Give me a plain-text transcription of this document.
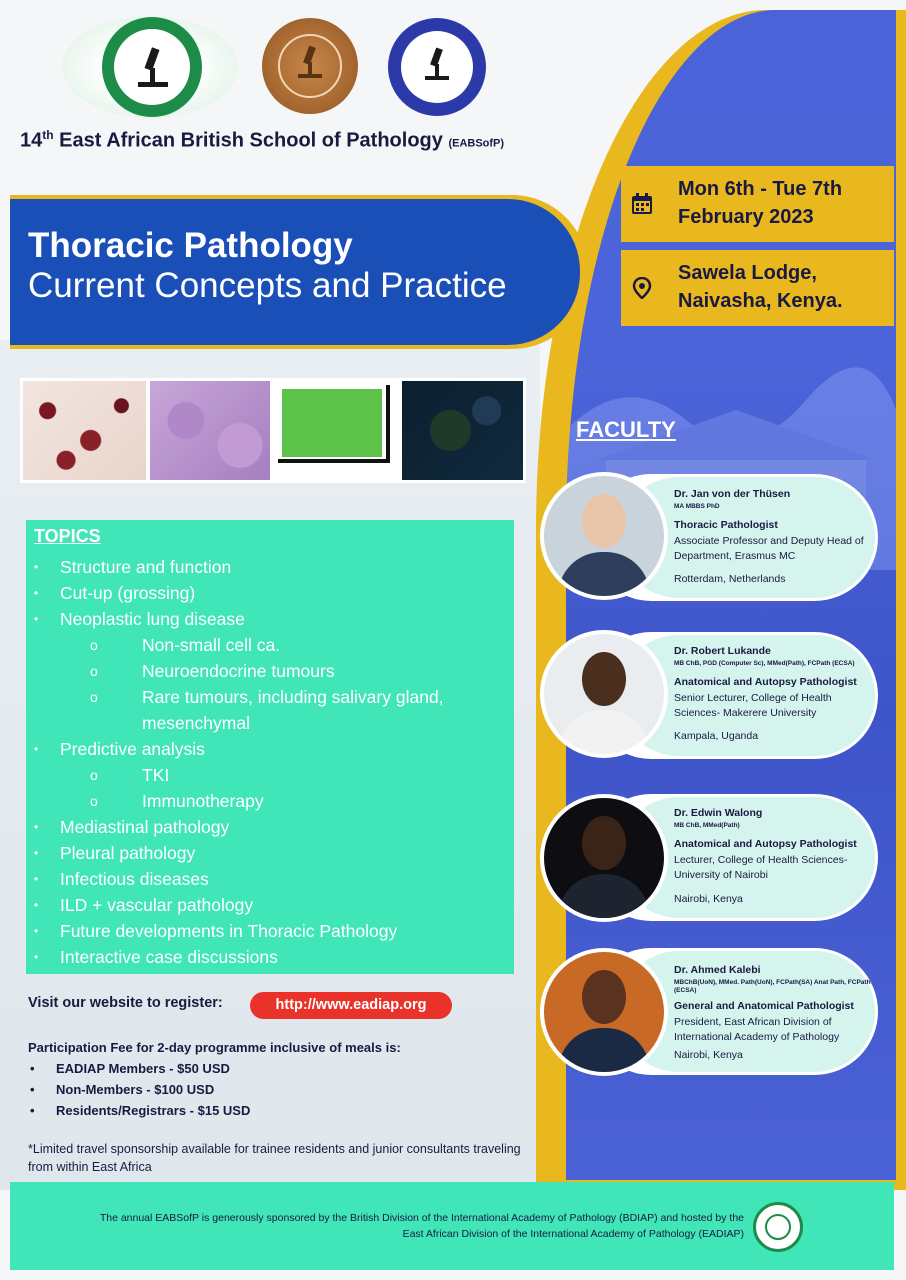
14th East African British School of Pathology (EABSofP)
Thoracic Pathology
Current Concepts and Practice
Mon 6th - Tue 7th
February 2023
Sawela Lodge,
Naivasha, Kenya.
TOPICS
• Structure and function
• Cut-up (grossing)
• Neoplastic lung disease
o	Non-small cell ca.
o	Neuroendocrine tumours
o	Rare tumours, including salivary gland,
mesenchymal
• Predictive analysis
o	TKI
o	Immunotherapy
• Mediastinal pathology
• Pleural pathology
• Infectious diseases
• ILD + vascular pathology
• Future developments in Thoracic Pathology
• Interactive case discussions
Visit our website to register:	http://www.eadiap.org
Participation Fee for 2-day programme inclusive of meals is:
• EADIAP Members - $50 USD
• Non-Members - $100 USD
• Residents/Registrars - $15 USD
*Limited travel sponsorship available for trainee residents and junior consultants traveling from within East Africa
FACULTY
Dr. Jan von der Thüsen
MA MBBS PhD
Thoracic Pathologist
Associate Professor and Deputy Head of Department, Erasmus MC
Rotterdam, Netherlands
Dr. Robert Lukande
MB ChB, PGD (Computer Sc), MMed(Path), FCPath (ECSA)
Anatomical and Autopsy Pathologist
Senior Lecturer, College of Health Sciences- Makerere University
Kampala, Uganda
Dr. Edwin Walong
MB ChB, MMed(Path)
Anatomical and Autopsy Pathologist
Lecturer, College of Health Sciences- University of Nairobi
Nairobi, Kenya
Dr. Ahmed Kalebi
MBChB(UoN), MMed. Path(UoN), FCPath(SA) Anat Path, FCPath (ECSA)
General and Anatomical Pathologist
President, East African Division of International Academy of Pathology
Nairobi, Kenya
The annual EABSofP is generously sponsored by the British Division of the International Academy of Pathology (BDIAP) and hosted by the East African Division of the International Academy of Pathology (EADIAP)
